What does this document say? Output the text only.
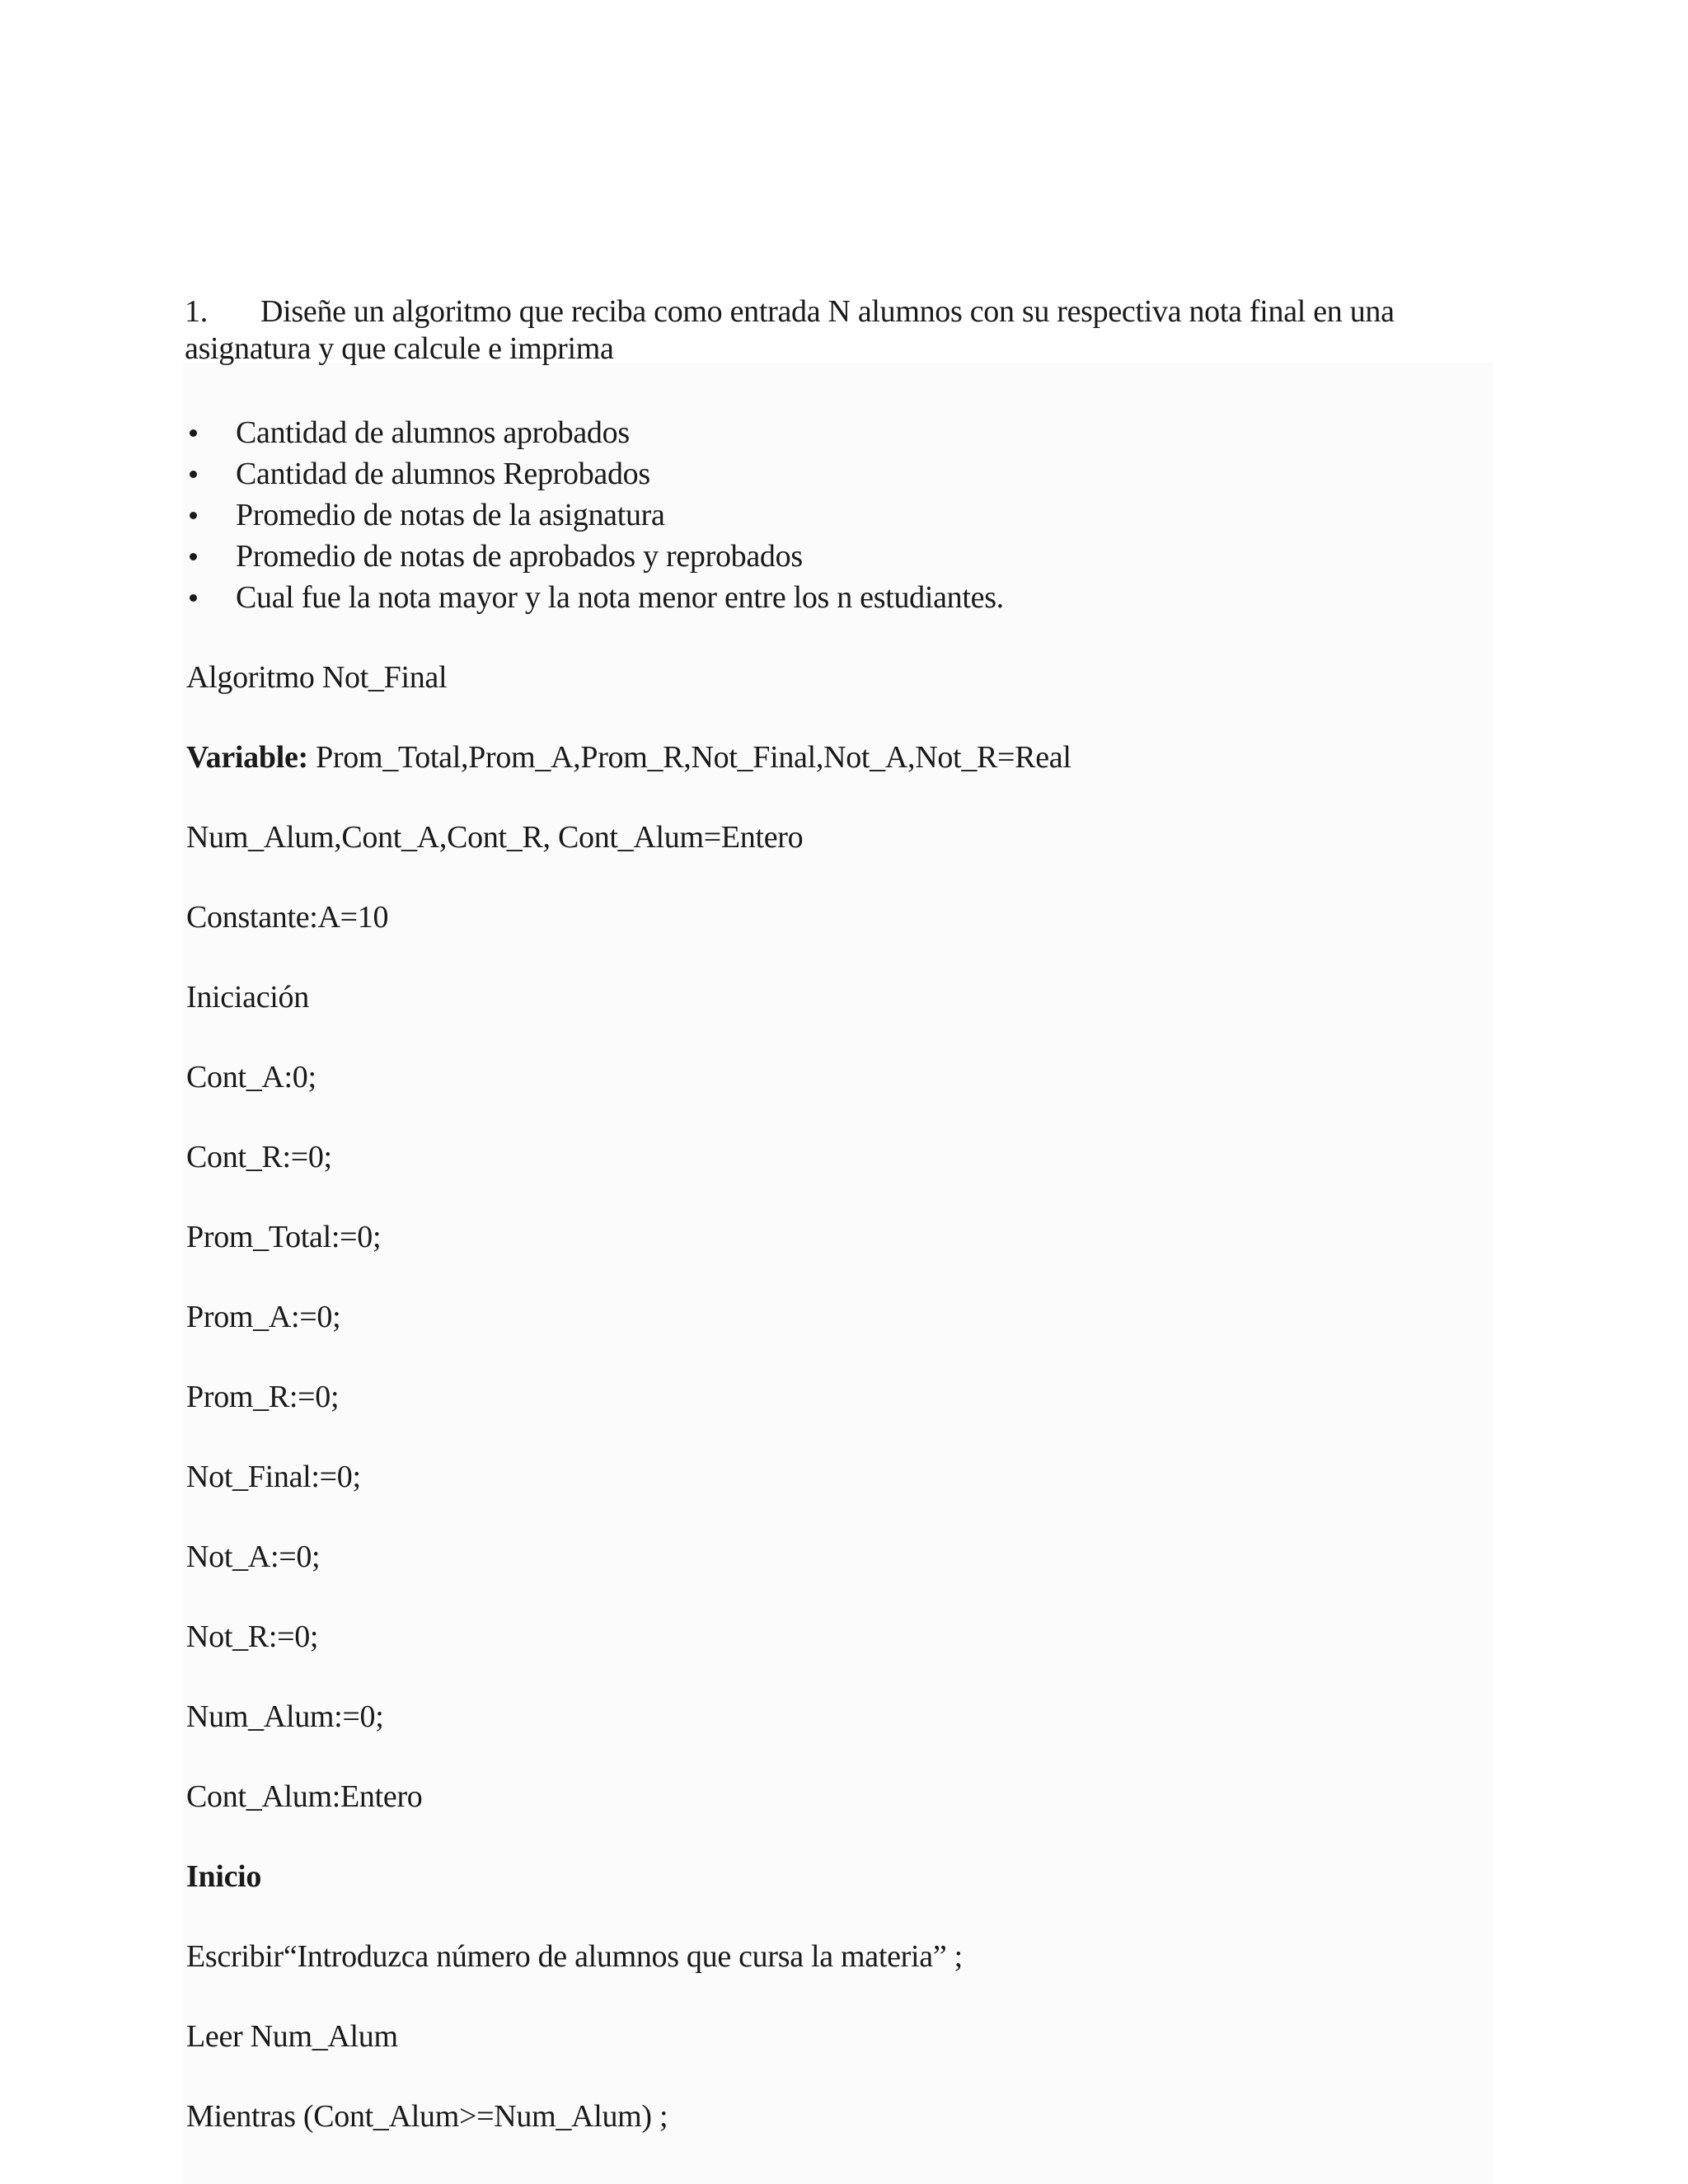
1. Diseñe un algoritmo que reciba como entrada N alumnos con su respectiva nota final en una asignatura y que calcule e imprima
Cantidad de alumnos aprobados
Cantidad de alumnos Reprobados
Promedio de notas de la asignatura
Promedio de notas de aprobados y reprobados
Cual fue la nota mayor y la nota menor entre los n estudiantes.
Algoritmo Not_Final
Variable: Prom_Total,Prom_A,Prom_R,Not_Final,Not_A,Not_R=Real
Num_Alum,Cont_A,Cont_R, Cont_Alum=Entero
Constante:A=10
Iniciación
Cont_A:0;
Cont_R:=0;
Prom_Total:=0;
Prom_A:=0;
Prom_R:=0;
Not_Final:=0;
Not_A:=0;
Not_R:=0;
Num_Alum:=0;
Cont_Alum:Entero
Inicio
Escribir“Introduzca número de alumnos que cursa la materia” ;
Leer Num_Alum
Mientras (Cont_Alum>=Num_Alum) ;
